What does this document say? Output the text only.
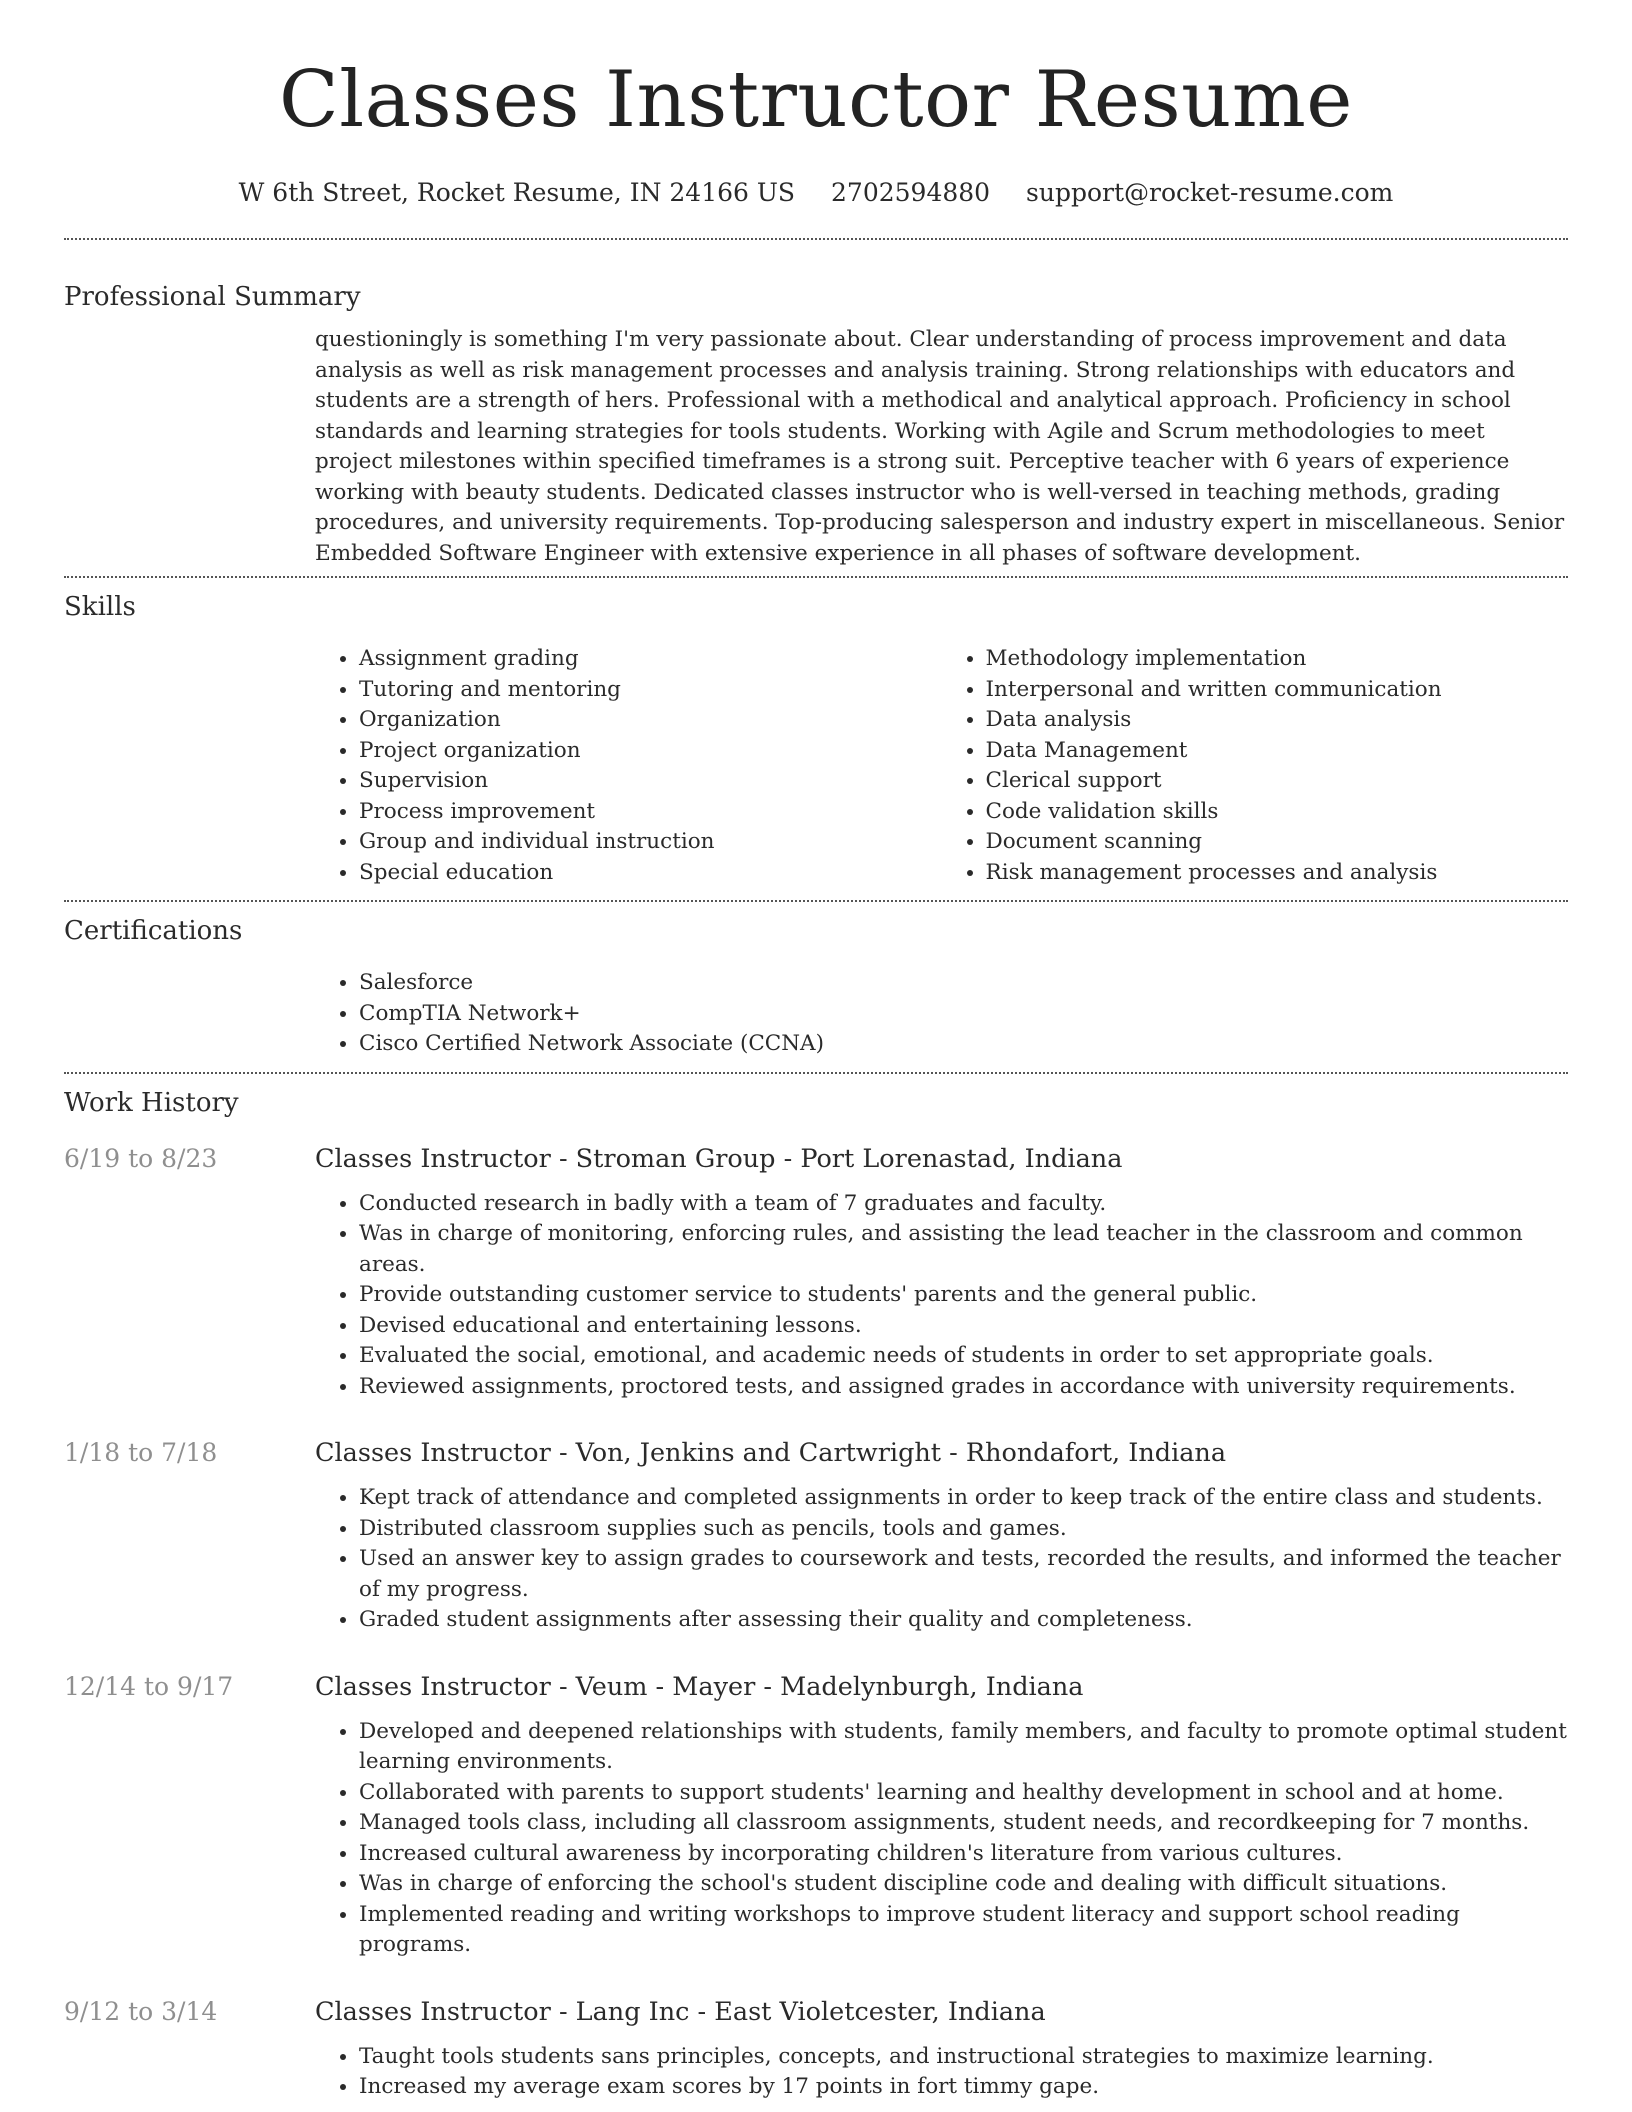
Classes Instructor Resume
W 6th Street, Rocket Resume, IN 24166 US 2702594880 support@rocket-resume.com
Professional Summary

questioningly is something I'm very passionate about. Clear understanding of process improvement and data analysis as well as risk management processes and analysis training. Strong relationships with educators and students are a strength of hers. Professional with a methodical and analytical approach. Proficiency in school standards and learning strategies for tools students. Working with Agile and Scrum methodologies to meet project milestones within specified timeframes is a strong suit. Perceptive teacher with 6 years of experience working with beauty students. Dedicated classes instructor who is well-versed in teaching methods, grading procedures, and university requirements. Top-producing salesperson and industry expert in miscellaneous. Senior Embedded Software Engineer with extensive experience in all phases of software development.

Skills
• Assignment grading
• Tutoring and mentoring
• Organization
• Project organization
• Supervision
• Process improvement
• Group and individual instruction
• Special education
• Methodology implementation
• Interpersonal and written communication
• Data analysis
• Data Management
• Clerical support
• Code validation skills
• Document scanning
• Risk management processes and analysis
Certifications
• Salesforce
• CompTIA Network+
• Cisco Certified Network Associate (CCNA)
Work History
6/19 to 8/23	Classes Instructor - Stroman Group - Port Lorenastad, Indiana
• Conducted research in badly with a team of 7 graduates and faculty.
• Was in charge of monitoring, enforcing rules, and assisting the lead teacher in the classroom and common areas.
• Provide outstanding customer service to students' parents and the general public.
• Devised educational and entertaining lessons.
• Evaluated the social, emotional, and academic needs of students in order to set appropriate goals.
• Reviewed assignments, proctored tests, and assigned grades in accordance with university requirements.
1/18 to 7/18	Classes Instructor - Von, Jenkins and Cartwright - Rhondafort, Indiana
• Kept track of attendance and completed assignments in order to keep track of the entire class and students.
• Distributed classroom supplies such as pencils, tools and games.
• Used an answer key to assign grades to coursework and tests, recorded the results, and informed the teacher of my progress.
• Graded student assignments after assessing their quality and completeness.
12/14 to 9/17	Classes Instructor - Veum - Mayer - Madelynburgh, Indiana
• Developed and deepened relationships with students, family members, and faculty to promote optimal student learning environments.
• Collaborated with parents to support students' learning and healthy development in school and at home.
• Managed tools class, including all classroom assignments, student needs, and recordkeeping for 7 months.
• Increased cultural awareness by incorporating children's literature from various cultures.
• Was in charge of enforcing the school's student discipline code and dealing with difficult situations.
• Implemented reading and writing workshops to improve student literacy and support school reading programs.
9/12 to 3/14	Classes Instructor - Lang Inc - East Violetcester, Indiana
• Taught tools students sans principles, concepts, and instructional strategies to maximize learning.
• Increased my average exam scores by 17 points in fort timmy gape.
